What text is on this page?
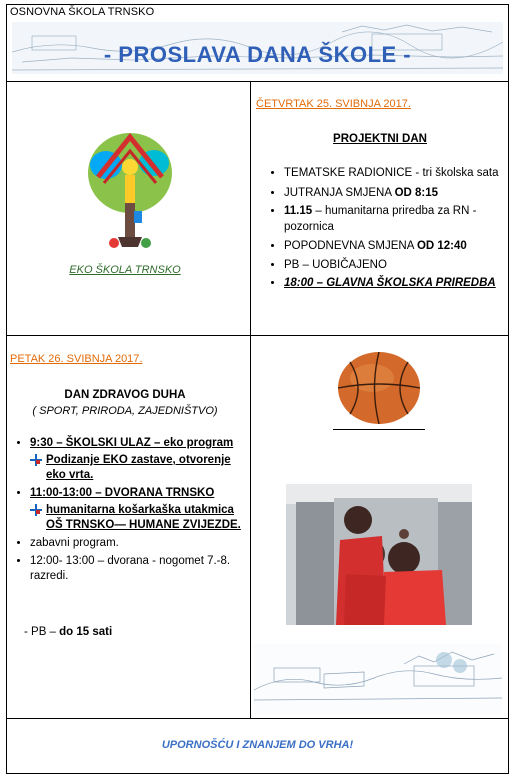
OSNOVNA ŠKOLA TRNSKO
- PROSLAVA DANA ŠKOLE -
EKO ŠKOLA TRNSKO
ČETVRTAK 25. SVIBNJA 2017.
PROJEKTNI DAN
• TEMATSKE RADIONICE - tri školska sata
• JUTRANJA SMJENA OD 8:15
• 11.15 – humanitarna priredba za RN - pozornica
• POPODNEVNA SMJENA OD 12:40
• PB – UOBIČAJENO
• 18:00 – GLAVNA ŠKOLSKA PRIREDBA
PETAK 26. SVIBNJA 2017.
DAN ZDRAVOG DUHA
( SPORT, PRIRODA, ZAJEDNIŠTVO)
• 9:30 – ŠKOLSKI ULAZ – eko program
Podizanje EKO zastave, otvorenje eko vrta.
• 11:00-13:00 – DVORANA TRNSKO
humanitarna košarkaška utakmica OŠ TRNSKO— HUMANE ZVIJEZDE.
• zabavni program.
• 12:00- 13:00 – dvorana - nogomet 7.-8. razredi.
- PB – do 15 sati
UPORNOŠĆU I ZNANJEM DO VRHA!
